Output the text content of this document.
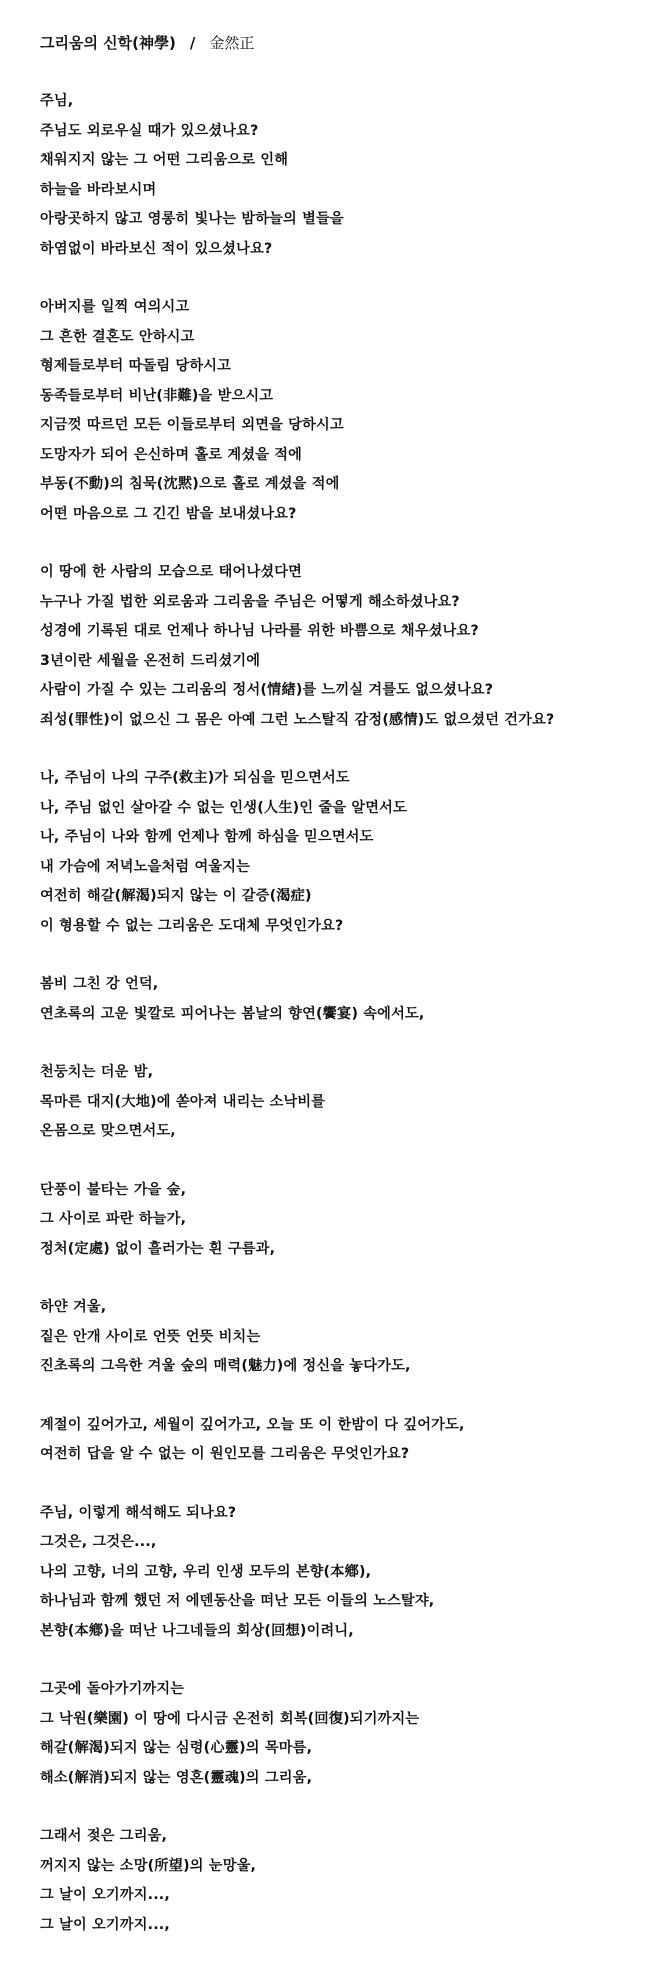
그리움의 신학(神學) / 金然正
주님,
주님도 외로우실 때가 있으셨나요?
채워지지 않는 그 어떤 그리움으로 인해
하늘을 바라보시며
아랑곳하지 않고 영롱히 빛나는 밤하늘의 별들을
하염없이 바라보신 적이 있으셨나요?
아버지를 일찍 여의시고
그 흔한 결혼도 안하시고
형제들로부터 따돌림 당하시고
동족들로부터 비난(非難)을 받으시고
지금껏 따르던 모든 이들로부터 외면을 당하시고
도망자가 되어 은신하며 홀로 계셨을 적에
부동(不動)의 침묵(沈黙)으로 홀로 계셨을 적에
어떤 마음으로 그 긴긴 밤을 보내셨나요?
이 땅에 한 사람의 모습으로 태어나셨다면
누구나 가질 법한 외로움과 그리움을 주님은 어떻게 해소하셨나요?
성경에 기록된 대로 언제나 하나님 나라를 위한 바쁨으로 채우셨나요?
3년이란 세월을 온전히 드리셨기에
사람이 가질 수 있는 그리움의 정서(情緖)를 느끼실 겨를도 없으셨나요?
죄성(罪性)이 없으신 그 몸은 아예 그런 노스탈직 감정(感情)도 없으셨던 건가요?
나, 주님이 나의 구주(救主)가 되심을 믿으면서도
나, 주님 없인 살아갈 수 없는 인생(人生)인 줄을 알면서도
나, 주님이 나와 함께 언제나 함께 하심을 믿으면서도
내 가슴에 저녁노을처럼 여울지는
여전히 해갈(解渴)되지 않는 이 갈증(渴症)
이 형용할 수 없는 그리움은 도대체 무엇인가요?
봄비 그친 강 언덕,
연초록의 고운 빛깔로 피어나는 봄날의 향연(饗宴) 속에서도,
천둥치는 더운 밤,
목마른 대지(大地)에 쏟아져 내리는 소낙비를
온몸으로 맞으면서도,
단풍이 불타는 가을 숲,
그 사이로 파란 하늘가,
정처(定處) 없이 흘러가는 흰 구름과,
하얀 겨울,
짙은 안개 사이로 언뜻 언뜻 비치는
진초록의 그윽한 겨울 숲의 매력(魅力)에 정신을 놓다가도,
계절이 깊어가고, 세월이 깊어가고, 오늘 또 이 한밤이 다 깊어가도,
여전히 답을 알 수 없는 이 원인모를 그리움은 무엇인가요?
주님, 이렇게 해석해도 되나요?
그것은, 그것은...,
나의 고향, 너의 고향, 우리 인생 모두의 본향(本鄕),
하나님과 함께 했던 저 에덴동산을 떠난 모든 이들의 노스탈쟈,
본향(本鄕)을 떠난 나그네들의 회상(回想)이려니,
그곳에 돌아가기까지는
그 낙원(樂園) 이 땅에 다시금 온전히 회복(回復)되기까지는
해갈(解渴)되지 않는 심령(心靈)의 목마름,
해소(解消)되지 않는 영혼(靈魂)의 그리움,
그래서 젖은 그리움,
꺼지지 않는 소망(所望)의 눈망울,
그 날이 오기까지...,
그 날이 오기까지...,
